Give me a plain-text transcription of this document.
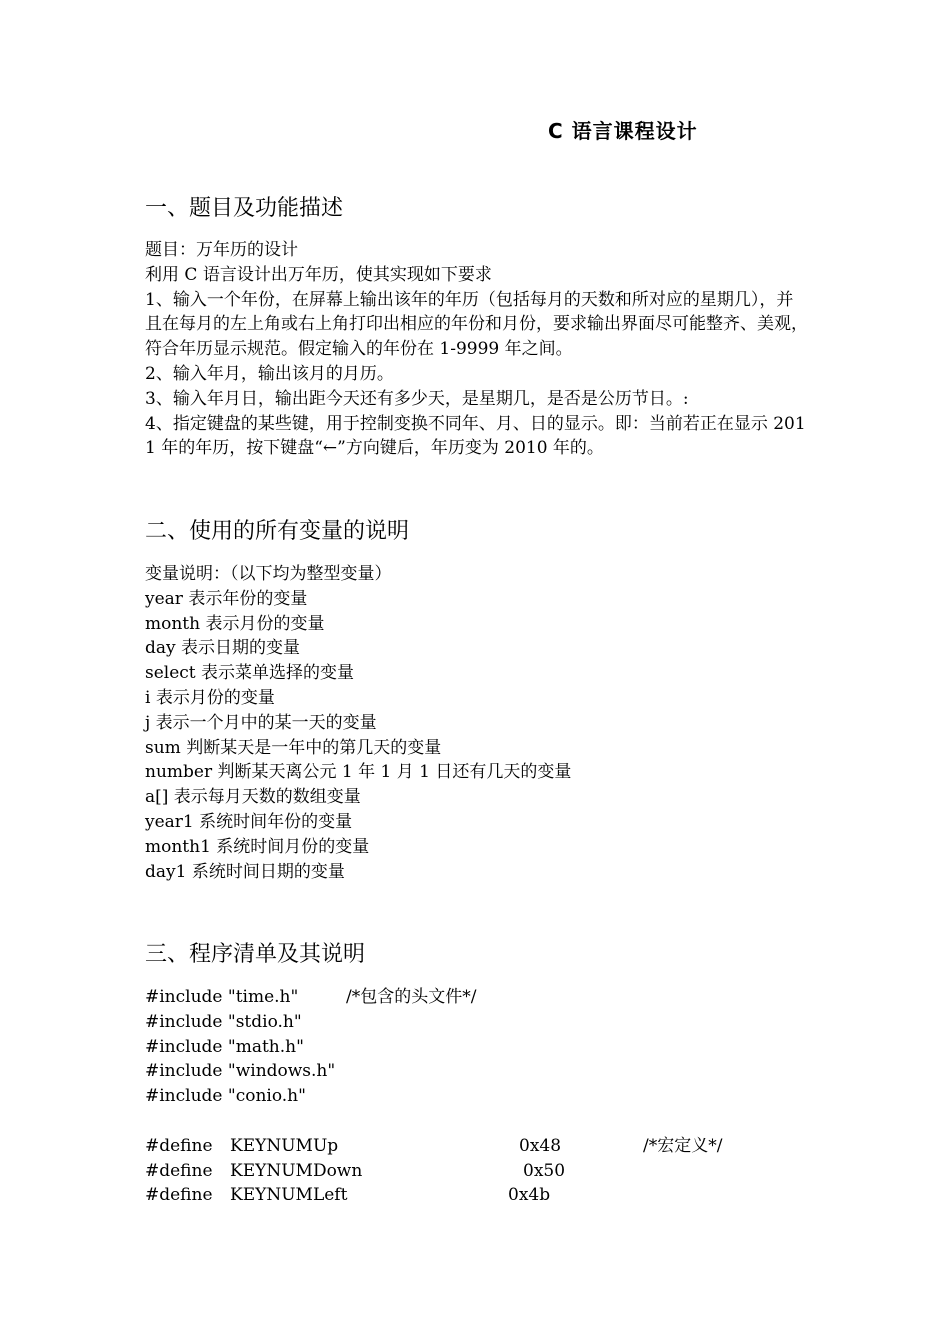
C 语言课程设计
一、题目及功能描述
题目：万年历的设计
利用 C 语言设计出万年历，使其实现如下要求
1、输入一个年份，在屏幕上输出该年的年历（包括每月的天数和所对应的星期几），并且在每月的左上角或右上角打印出相应的年份和月份，要求输出界面尽可能整齐、美观，符合年历显示规范。假定输入的年份在 1-9999 年之间。
2、输入年月，输出该月的月历。
3、输入年月日，输出距今天还有多少天，是星期几，是否是公历节日。:
4、指定键盘的某些键，用于控制变换不同年、月、日的显示。即：当前若正在显示 2011 年的年历，按下键盘“←”方向键后，年历变为 2010 年的。
二、使用的所有变量的说明
变量说明：（以下均为整型变量）
year 表示年份的变量
month 表示月份的变量
day 表示日期的变量
select 表示菜单选择的变量
i 表示月份的变量
j 表示一个月中的某一天的变量
sum 判断某天是一年中的第几天的变量
number 判断某天离公元 1 年 1 月 1 日还有几天的变量
a[] 表示每月天数的数组变量
year1 系统时间年份的变量
month1 系统时间月份的变量
day1 系统时间日期的变量
三、程序清单及其说明
#include "time.h"	/*包含的头文件*/
#include "stdio.h"
#include "math.h"
#include "windows.h"
#include "conio.h"
#define KEYNUMUp	0x48	/*宏定义*/
#define KEYNUMDown	0x50
#define KEYNUMLeft	0x4b
